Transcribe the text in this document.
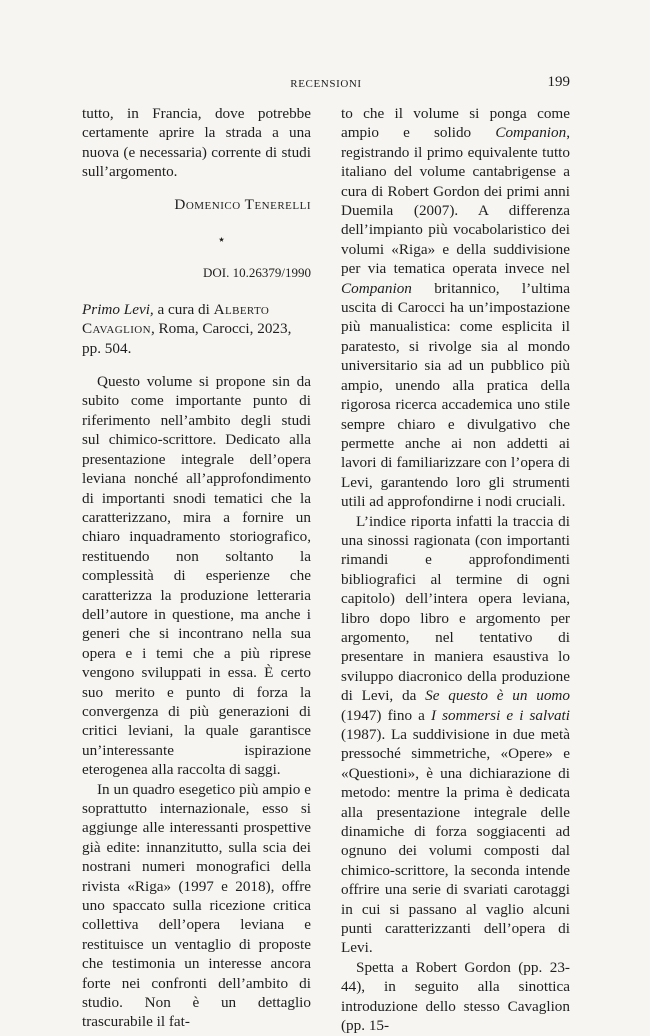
RECENSIONI	199

tutto, in Francia, dove potrebbe certamente aprire la strada a una nuova (e necessaria) corrente di studi sull’argomento.

Domenico Tenerelli

⋆

DOI. 10.26379/1990

Primo Levi, a cura di Alberto Cavaglion, Roma, Carocci, 2023, pp. 504.

Questo volume si propone sin da subito come importante punto di riferimento nell’ambito degli studi sul chimico-scrittore. Dedicato alla presentazione integrale dell’opera leviana nonché all’approfondimento di importanti snodi tematici che la caratterizzano, mira a fornire un chiaro inquadramento storiografico, restituendo non soltanto la complessità di esperienze che caratterizza la produzione letteraria dell’autore in questione, ma anche i generi che si incontrano nella sua opera e i temi che a più riprese vengono sviluppati in essa. È certo suo merito e punto di forza la convergenza di più generazioni di critici leviani, la quale garantisce un’interessante ispirazione eterogenea alla raccolta di saggi.

In un quadro esegetico più ampio e soprattutto internazionale, esso si aggiunge alle interessanti prospettive già edite: innanzitutto, sulla scia dei nostrani numeri monografici della rivista «Riga» (1997 e 2018), offre uno spaccato sulla ricezione critica collettiva dell’opera leviana e restituisce un ventaglio di proposte che testimonia un interesse ancora forte nei confronti dell’ambito di studio. Non è un dettaglio trascurabile il fat-

to che il volume si ponga come ampio e solido Companion, registrando il primo equivalente tutto italiano del volume cantabrigense a cura di Robert Gordon dei primi anni Duemila (2007). A differenza dell’impianto più vocabolaristico dei volumi «Riga» e della suddivisione per via tematica operata invece nel Companion britannico, l’ultima uscita di Carocci ha un’impostazione più manualistica: come esplicita il paratesto, si rivolge sia al mondo universitario sia ad un pubblico più ampio, unendo alla pratica della rigorosa ricerca accademica uno stile sempre chiaro e divulgativo che permette anche ai non addetti ai lavori di familiarizzare con l’opera di Levi, garantendo loro gli strumenti utili ad approfondirne i nodi cruciali.

L’indice riporta infatti la traccia di una sinossi ragionata (con importanti rimandi e approfondimenti bibliografici al termine di ogni capitolo) dell’intera opera leviana, libro dopo libro e argomento per argomento, nel tentativo di presentare in maniera esaustiva lo sviluppo diacronico della produzione di Levi, da Se questo è un uomo (1947) fino a I sommersi e i salvati (1987). La suddivisione in due metà pressoché simmetriche, «Opere» e «Questioni», è una dichiarazione di metodo: mentre la prima è dedicata alla presentazione integrale delle dinamiche di forza soggiacenti ad ognuno dei volumi composti dal chimico-scrittore, la seconda intende offrire una serie di svariati carotaggi in cui si passano al vaglio alcuni punti caratterizzanti dell’opera di Levi.

Spetta a Robert Gordon (pp. 23-44), in seguito alla sinottica introduzione dello stesso Cavaglion (pp. 15-
